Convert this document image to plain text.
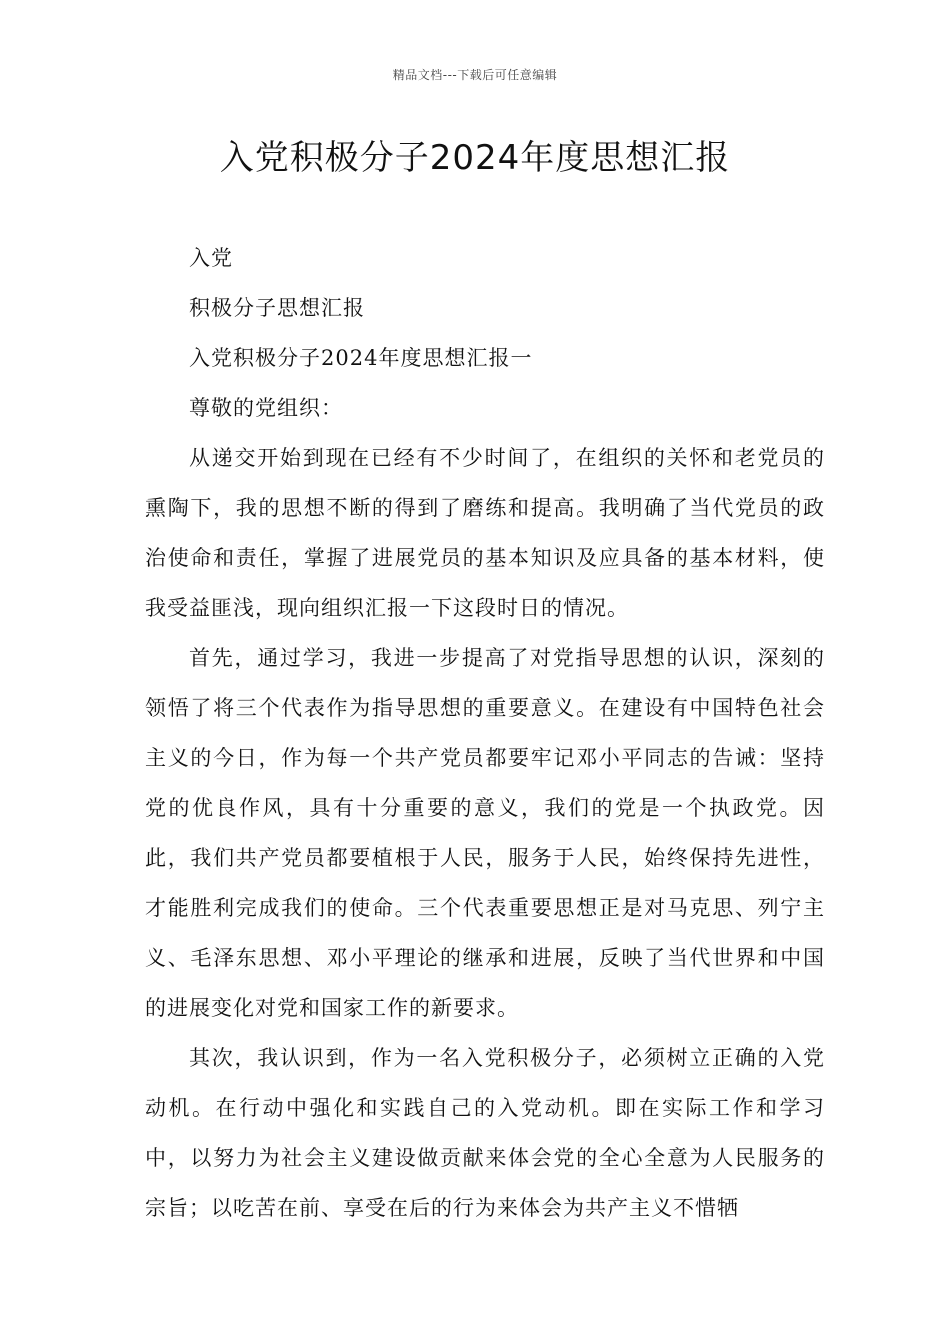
精品文档---下载后可任意编辑
入党积极分子2024年度思想汇报

入党

积极分子思想汇报

入党积极分子2024年度思想汇报一

尊敬的党组织：

从递交开始到现在已经有不少时间了，在组织的关怀和老党员的熏陶下，我的思想不断的得到了磨练和提高。我明确了当代党员的政治使命和责任，掌握了进展党员的基本知识及应具备的基本材料，使我受益匪浅，现向组织汇报一下这段时日的情况。

首先，通过学习，我进一步提高了对党指导思想的认识，深刻的领悟了将三个代表作为指导思想的重要意义。在建设有中国特色社会主义的今日，作为每一个共产党员都要牢记邓小平同志的告诫：坚持党的优良作风，具有十分重要的意义，我们的党是一个执政党。因此，我们共产党员都要植根于人民，服务于人民，始终保持先进性，才能胜利完成我们的使命。三个代表重要思想正是对马克思、列宁主义、毛泽东思想、邓小平理论的继承和进展，反映了当代世界和中国的进展变化对党和国家工作的新要求。

其次，我认识到，作为一名入党积极分子，必须树立正确的入党动机。在行动中强化和实践自己的入党动机。即在实际工作和学习中，以努力为社会主义建设做贡献来体会党的全心全意为人民服务的宗旨；以吃苦在前、享受在后的行为来体会为共产主义不惜牺
